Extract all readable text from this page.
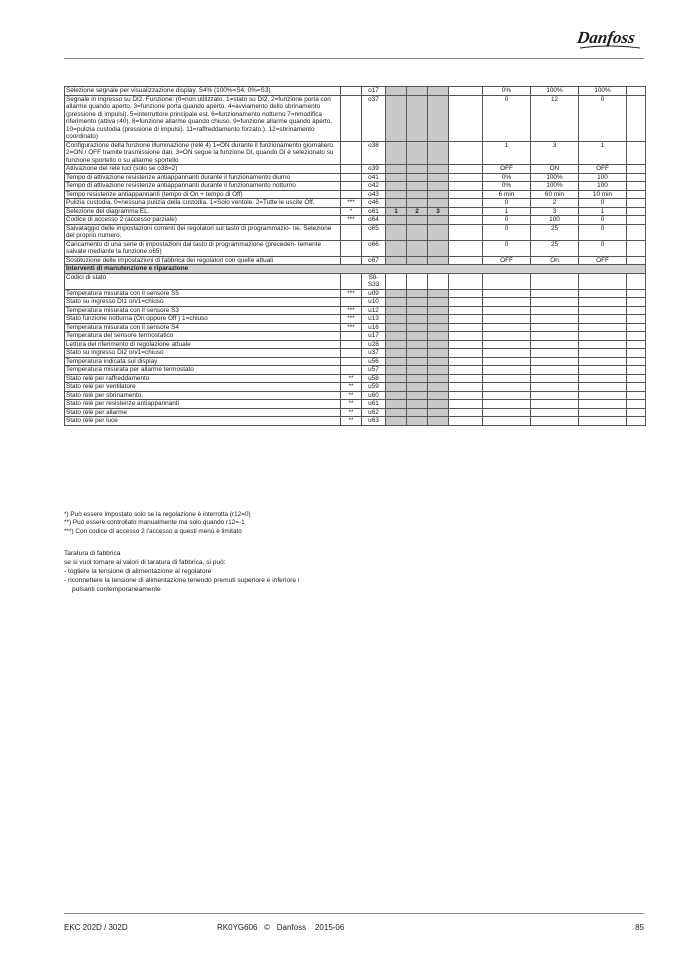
Danfoss
Selezione segnale per visualizzazione display. S4% (100%=S4, 0%=S3)		o17					0%	100%	100%	
Segnale in ingresso su DI2. Funzione: (0=non utilizzato. 1=stato su DI2. 2=funzione porta con allarme quando aperto. 3=funzione porta quando aperto. 4=avviamento dello sbrinamento (pressione di impulsi). 5=interruttore principale est. 6=funzionamento notturno 7=nmodifica riferimento (attiva r40). 8=funzione allarme quando chiuso. 9=funzione allarme quando aperto. 10=pulizia custodia (pressione di impulsi). 11=raffreddamento forzato.). 12=sbrinamento coordinato)		o37					0	12	0	
Configurazione della funzione illuminazione (relè 4) 1=ON durante il funzionamento giornaliero. 2=ON / OFF tramite trasmissione dati. 3=ON segue la funzione DI, quando DI è selezionato su funzione sportello o su allarme sportello		o38					1	3	1	
Attivazione del relè luci (solo se o38=2)		o39					OFF	ON	OFF	
Tempo di attivazione resistenze antiappannanti durante il funzionamento diurno		o41					0%	100%	100	
Tempo di attivazione resistenze antiappannanti durante il funzionamento notturno		o42					0%	100%	100	
Tempo resistenze antiappannanti (tempo di On + tempo di Off)		o43					6 min	60 min	10 min	
Pulizia custodia. 0=nessuna pulizia della custodia. 1=Solo ventole. 2=Tutte le uscite Off.	***	o46					0	2	0	
Selezione del diagramma EL.	*	o61	1	2	3		1	3	1	
Codice di accesso 2 (accesso parziale)	***	o64					0	100	0	
Salvataggio delle impostazioni correnti dei regolatori sul tasto di programmazio- ne. Selezione del proprio numero.		o65					0	25	0	
Caricamento di una serie di impostazioni dal tasto di programmazione (preceden- temente salvate mediante la funzione o65)		o66					0	25	0	
Sostituzione delle impostazioni di fabbrica dei regolatori con quelle attuali		o67					OFF	On	OFF	
Interventi di manutenzione e riparazione										
Codici di stato		S0-S33								
Temperatura misurata con il sensore S5	***	u09								
Stato su ingresso DI1 on/1=chiuso		u10								
Temperatura misurata con il sensore S3	***	u12								
Stato funzione notturna (On oppure Off ) 1=chiuso	***	u13								
Temperatura misurata con il sensore S4	***	u16								
Temperatura del sensore termostatico		u17								
Lettura del riferimento di regolazione attuale		u28								
Stato su ingresso DI2 on/1=chiuso		u37								
Temperatura indicata sul display		u56								
Temperatura misurata per allarme termostato		u57								
Stato relè per raffreddamento	**	u58								
Stato relè per ventilatore	**	u59								
Stato relè per sbrinamento.	**	u60								
Stato relè per resistenze antiappannanti	**	u61								
Stato relè per allarme	**	u62								
Stato relè per luce	**	u63								
*) Può essere impostato solo se la regolazione è interrotta (r12=0)
**) Può essere controllato manualmente ma solo quando r12=-1
***) Con codice di accesso 2 l'accesso a questi menù è limitato
Taratura di fabbrica
se si vuol tornare ai valori di taratura di fabbrica, si può:
- togliere la tensione di alimentazione al regolatore
- riconnettere la tensione di alimentazione tenendo premuti superiore e inferiore i
pulsanti contemporaneamente
EKC 202D / 302D	RK0YG606 © Danfoss 2015-06	85
